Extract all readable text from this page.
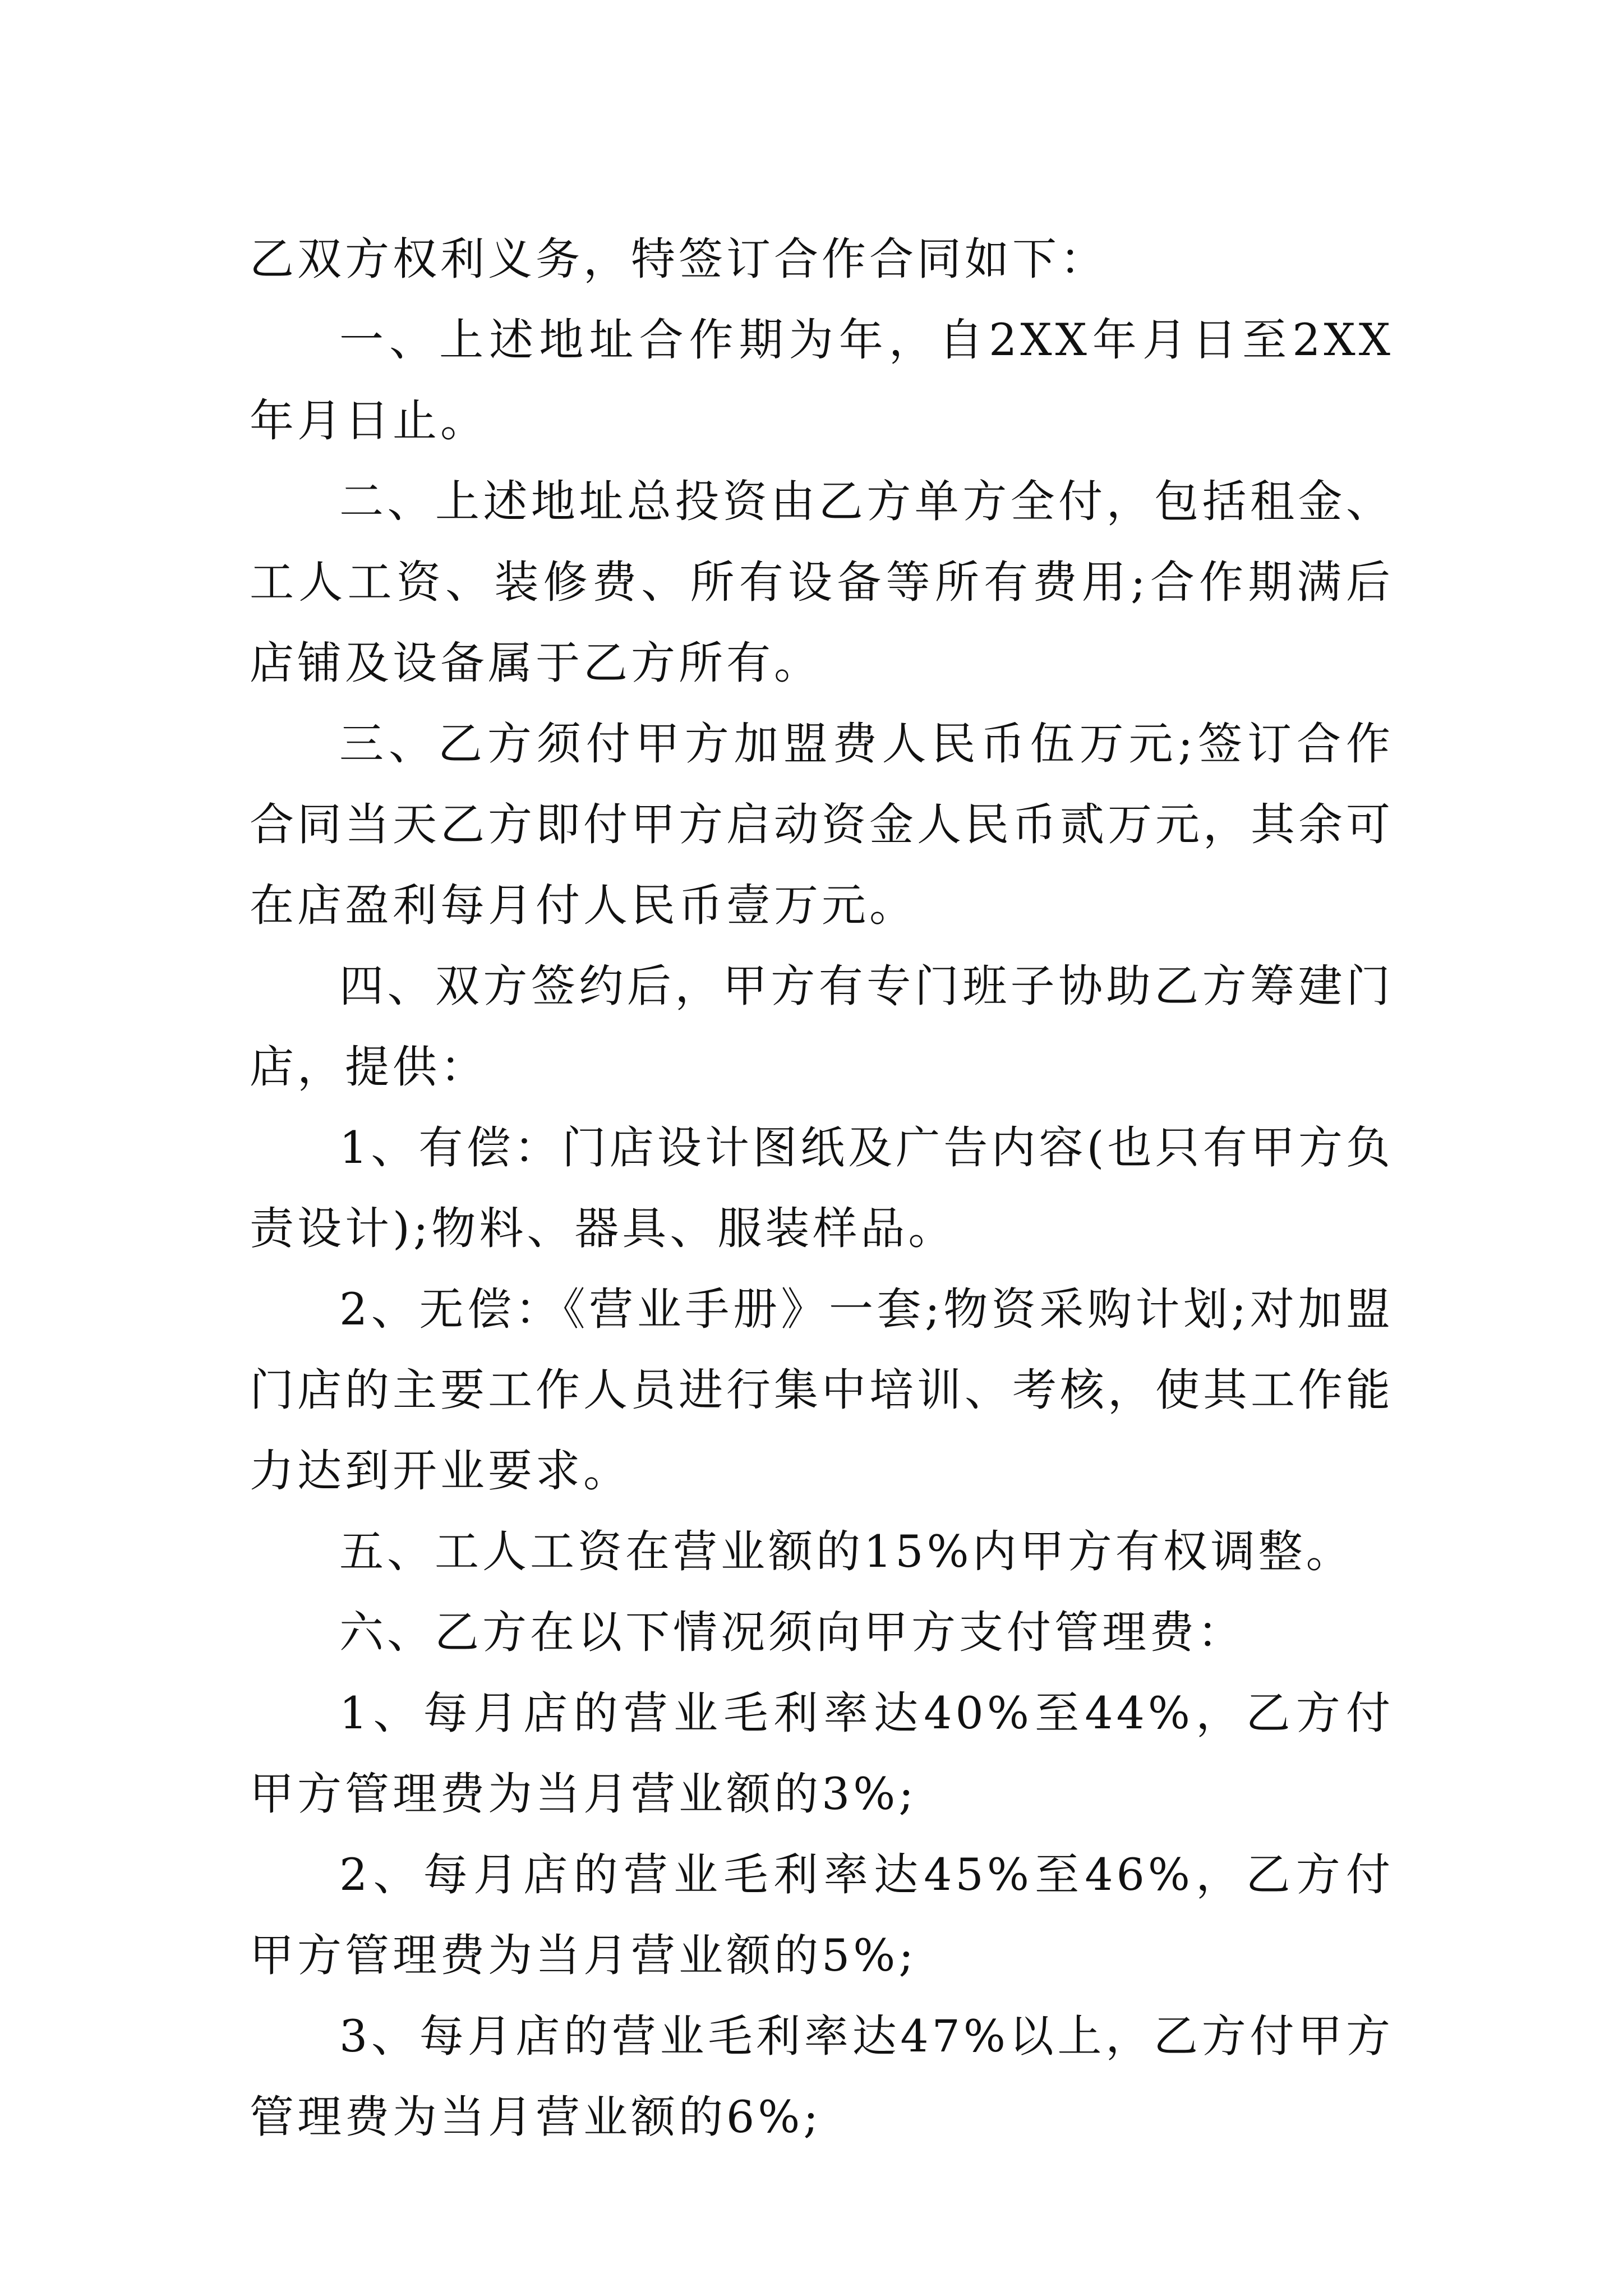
乙双方权利义务，特签订合作合同如下：

一、上述地址合作期为年，自2XX年月日至2XX年月日止。

二、上述地址总投资由乙方单方全付，包括租金、工人工资、装修费、所有设备等所有费用;合作期满后店铺及设备属于乙方所有。

三、乙方须付甲方加盟费人民币伍万元;签订合作合同当天乙方即付甲方启动资金人民币贰万元，其余可在店盈利每月付人民币壹万元。

四、双方签约后，甲方有专门班子协助乙方筹建门店，提供：

1、有偿：门店设计图纸及广告内容(也只有甲方负责设计);物料、器具、服装样品。

2、无偿：《营业手册》一套;物资采购计划;对加盟门店的主要工作人员进行集中培训、考核，使其工作能力达到开业要求。

五、工人工资在营业额的15%内甲方有权调整。

六、乙方在以下情况须向甲方支付管理费：

1、每月店的营业毛利率达40%至44%，乙方付甲方管理费为当月营业额的3%;

2、每月店的营业毛利率达45%至46%，乙方付甲方管理费为当月营业额的5%;

3、每月店的营业毛利率达47%以上，乙方付甲方管理费为当月营业额的6%;
